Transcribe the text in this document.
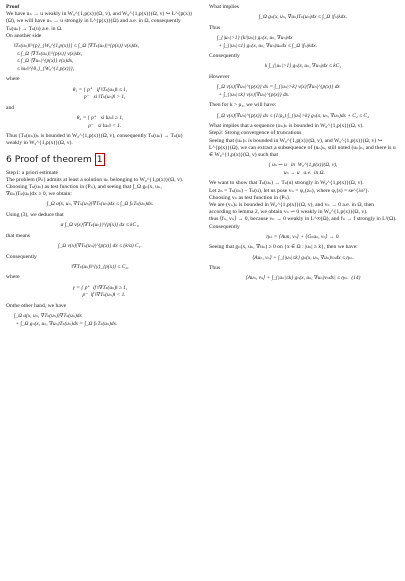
Proof

We have uₙ → u weakly in W₀^{1,p(x)}(Ω, v), and W₀^{1,p(x)}(Ω, v) ↪ L^{p(x)}(Ω), we will have uₙ → u strongly in L^{p(x)}(Ω) and a.e. in Ω, consequently Tₖ(uₙ) → Tₖ(u) a.e. in Ω.

On another side

‖Tₖ(uₙ)‖^{p}_{W₀^{1,p(x)}} ≤ ∫_Ω |∇Tₖ(uₙ)|^{p(x)} v(x)dx,
≤ ∫_Ω |∇Tₖ(uₙ)|^{p(x)} v(x)dx,
≤ ∫_Ω |∇uₙ|^{p(x)} v(x)dx,
≤ ‖uₙ‖^{θ₁}_{W₀^{1,p(x)}},

where

θ₁ = { p⁺   if ‖Tₖ(uₙ)‖ ≤ 1,
p⁻   si ‖Tₖ(uₙ)‖ > 1,

and

θ₂ = { p⁺   si ‖uₙ‖ ≥ 1,
p⁻   si ‖uₙ‖ < 1.

Thus (Tₖ(uₙ))ₙ is bounded in W₀^{1,p(x)}(Ω, v), consequently Tₖ(uₙ) → Tₖ(u) weakly in W₀^{1,p(x)}(Ω, v).

6 Proof of theorem 1

Step1: a priori estimate

The problem (Pₙ) admits at least a solution uₙ belonging to W₀^{1,p(x)}(Ω, v). Choosing Tₖ(uₙ) as test function in (Pₙ), and seeing that ∫_Ω gₙ(x, uₙ, ∇uₙ)Tₖ(uₙ)dx ≥ 0, we obtain:

∫_Ω a(x, uₙ, ∇Tₖ(uₙ))∇Tₖ(uₙ)dx ≤ ∫_Ω fₙTₖ(uₙ)dx.

Using (3), we deduce that

α ∫_Ω v(x)|∇Tₖ(uₙ)|^{p(x)} dx ≤ kC₁,

that means

∫_Ω v(x)|∇Tₖ(uₙ)|^{p(x)} dx ≤ (k/α) C₁.

Consequently

‖∇Tₖ(uₙ)‖^{γ}_{p(x)} ≤ C₂,

where

γ = { p⁺  if ‖∇Tₖ(uₙ)‖ ≥ 1,
p⁻  if ‖∇Tₖ(uₙ)‖ < 1.

Onthe other hand, we have

∫_Ω a(x, uₙ, ∇Tₖ(uₙ))∇Tₖ(uₙ)dx
+ ∫_Ω gₙ(x, uₙ, ∇uₙ)Tₖ(uₙ)dx = ∫_Ω fₙTₖ(uₙ)dx.

What implies

∫_Ω gₙ(x, uₙ, ∇uₙ)Tₖ(uₙ)dx ≤ ∫_Ω |fₙ|kdx.

Thus

∫_{|uₙ|>1} (k/|uₙ|) gₙ(x, uₙ, ∇uₙ)dx
+ ∫_{|uₙ|≤1} gₙ(x, uₙ, ∇uₙ)uₙdx ≤ ∫_Ω |fₙ|kdx.

Consequently

k ∫_{|uₙ|>1} gₙ(x, uₙ, ∇uₙ)dx ≤ kC₁

However

∫_Ω v(x)|∇uₙ|^{p(x)} dx = ∫_{|uₙ|>k} v(x)|∇uₙ|^{p(x)} dx
+ ∫_{|uₙ|≤k} v(x)|∇uₙ|^{p(x)} dx.

Then for k > ρ₁, we will have:

∫_Ω v(x)|∇uₙ|^{p(x)} dx ≤ (1/ρ₂) ∫_{|uₙ|>k} gₙ(x, uₙ, ∇uₙ)dx + C₂ ≤ C₄

What implies that a sequence (uₙ)ₙ is bounded in W₀^{1,p(x)}(Ω, v).

Step2: Strong convergence of truncations

Seeing that (uₙ)ₙ is bounded in W₀^{1,p(x)}(Ω, v), and W₀^{1,p(x)}(Ω, v) ↪ L^{p(x)}(Ω), we can extract a subsequence of (uₙ)ₙ, still noted (uₙ)ₙ, and there is u ∈ W₀^{1,p(x)}(Ω, v) such that

{ uₙ ⇀ u   in  W₀^{1,p(x)}(Ω, v),
uₙ → u   a.e.  in Ω.

We want to show that Tₖ(uₙ) → Tₖ(u) strongly in W₀^{1,p(x)}(Ω, v).

Let zₙ = Tₖ(uₙ) − Tₖ(u), let us pose vₙ = φ₁(zₙ), where φ₁(s) = se^{λs²}.

Choosing vₙ as test function in (Pₙ).

We are (vₙ)ₙ is bounded in W₀^{1,p(x)}(Ω, v), and vₙ → 0 a.e. in Ω, then according to lemma 2, we obtain vₙ ⇀ 0 weakly in W₀^{1,p(x)}(Ω, v).

thus ⟨fₙ, vₙ⟩ → 0, because vₙ → 0 weakly in L^∞(Ω), and fₙ → f strongly in L¹(Ω).

Consequently

ηₗₙ = ⟨Aun, vₙ⟩ + ⟨Gₙuₙ, vₙ⟩ → 0.

Seeing that gₙ(x, uₙ, ∇uₙ) ≥ 0 on {x ∈ Ω : |uₙ| ≥ k}, then we have:

⟨Auₙ, vₙ⟩ + ∫_{|uₙ|≤k} gₙ(x, uₙ, ∇uₙ)vₙdx ≤ ηₗₙ.

Thus

⟨Auₙ, vₙ⟩ + ∫_{|uₙ|≤k} gₙ(x, uₙ, ∇uₙ)vₙdx| ≤ ηₗₙ.  (14)
